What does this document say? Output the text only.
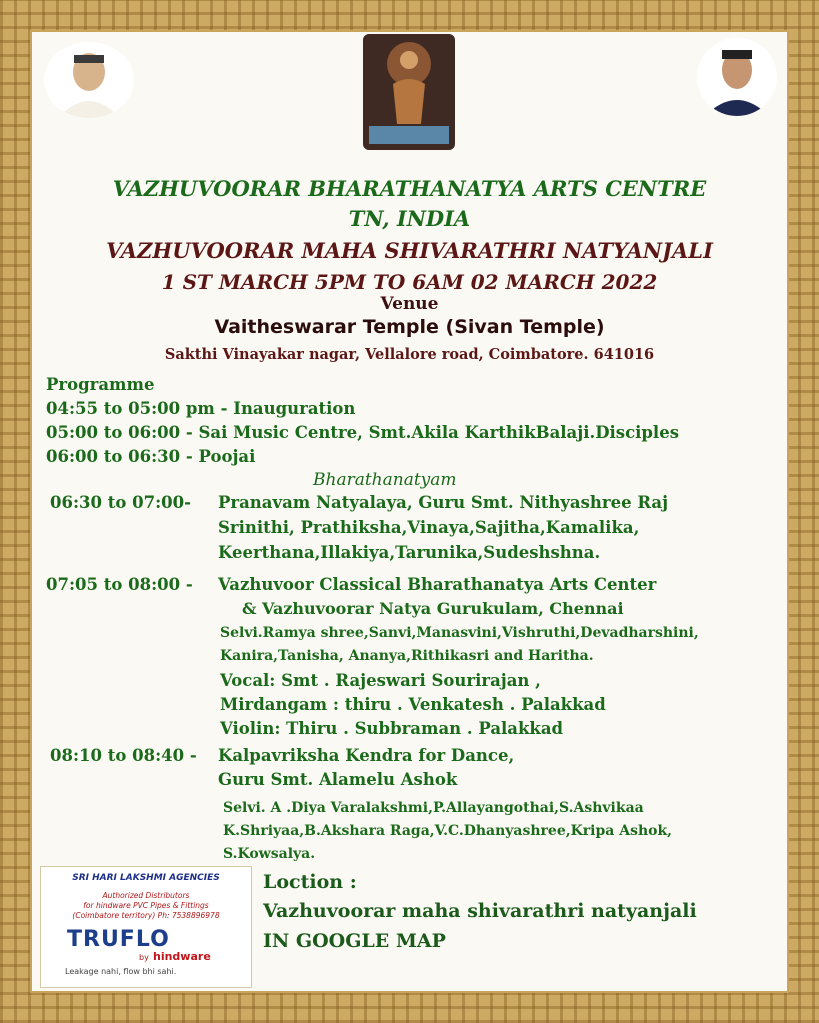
VAZHUVOORAR BHARATHANATYA ARTS CENTRE
TN, INDIA
VAZHUVOORAR MAHA SHIVARATHRI NATYANJALI
1 ST MARCH 5PM TO 6AM 02 MARCH 2022
Venue
Vaitheswarar Temple (Sivan Temple)
Sakthi Vinayakar nagar, Vellalore road, Coimbatore. 641016
Programme
04:55 to 05:00 pm - Inauguration
05:00 to 06:00 - Sai Music Centre, Smt.Akila KarthikBalaji.Disciples
06:00 to 06:30 - Poojai
Bharathanatyam
06:30 to 07:00- Pranavam Natyalaya, Guru Smt. Nithyashree Raj
Srinithi, Prathiksha,Vinaya,Sajitha,Kamalika,
Keerthana,Illakiya,Tarunika,Sudeshshna.
07:05 to 08:00 - Vazhuvoor Classical Bharathanatya Arts Center
& Vazhuvoorar Natya Gurukulam, Chennai
Selvi.Ramya shree,Sanvi,Manasvini,Vishruthi,Devadharshini,
Kanira,Tanisha, Ananya,Rithikasri and Haritha.
Vocal: Smt . Rajeswari Sourirajan ,
Mirdangam : thiru . Venkatesh . Palakkad
Violin: Thiru . Subbraman . Palakkad
08:10 to 08:40 - Kalpavriksha Kendra for Dance,
Guru Smt. Alamelu Ashok
Selvi. A .Diya Varalakshmi,P.Allayangothai,S.Ashvikaa
K.Shriyaa,B.Akshara Raga,V.C.Dhanyashree,Kripa Ashok,
S.Kowsalya.
SRI HARI LAKSHMI AGENCIES
Authorized Distributors
for hindware PVC Pipes & Fittings
(Coimbatore territory) Ph: 7538896978
TRUFLO
by hindware
Leakage nahi, flow bhi sahi.
Loction :
Vazhuvoorar maha shivarathri natyanjali
IN GOOGLE MAP
